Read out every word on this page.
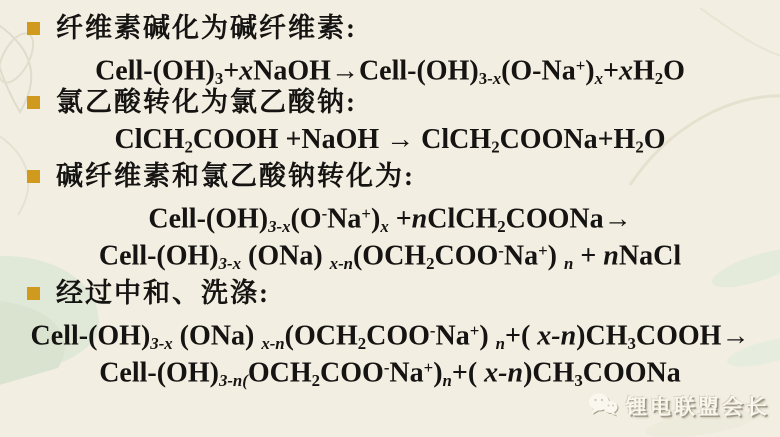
纤维素碱化为碱纤维素:
Cell-$(OH)_3+xNaOH\to Cell-(OH)_{3-x}(O-Na^+)_x+xH_2O$
氯乙酸转化为氯乙酸钠:
ClCH$_2$COOH +NaOH → $ClCH_2COONa+H_2O$
碱纤维素和氯乙酸钠转化为:
Cell-$(OH)_{3-x}(O^-Na^+)_x$ +nClCH$_2$COONa→
Cell-$(OH)_{3-x}$ (ONa) $_{x-n}(OCH_2COO^-Na^+) _n$ + nNaCl
经过中和、洗涤:
Cell-$(OH)_{3-x}$ (ONa) $_{x-n}(OCH_2COO^-Na^+)$ $_n$+( $x-n)CH_3COOH\to$
Cell-$(OH)_{3-n(}OCH_2COO^-Na^+)_n+$( $x-n)CH_3COONa$
锂电联盟会长
